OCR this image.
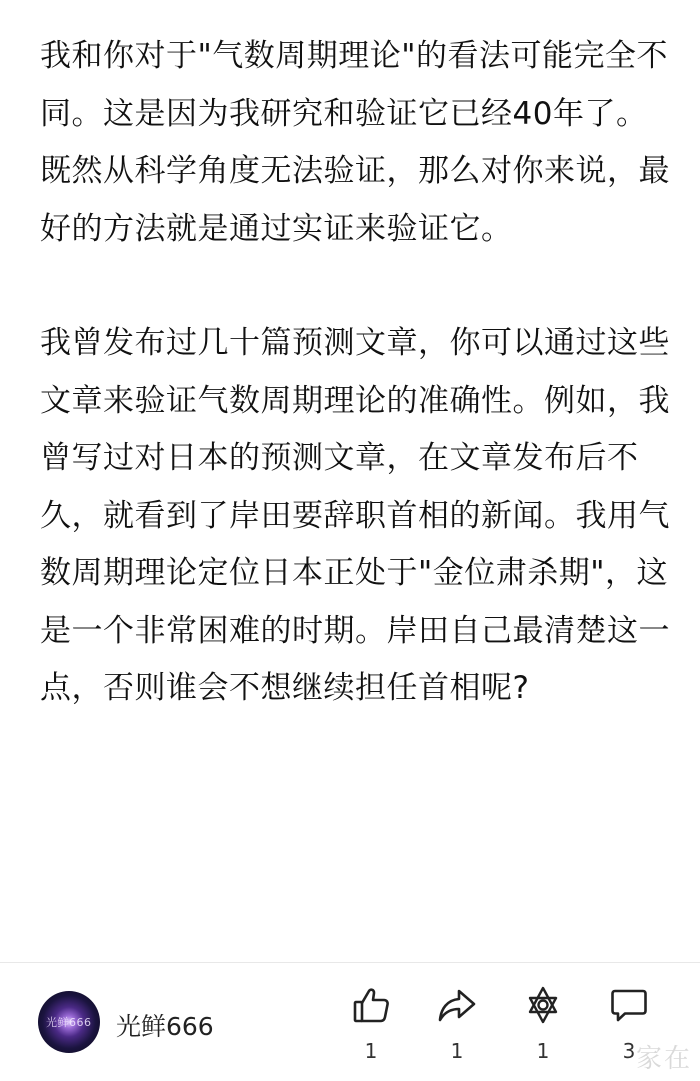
我和你对于"气数周期理论"的看法可能完全不同。这是因为我研究和验证它已经40年了。既然从科学角度无法验证，那么对你来说，最好的方法就是通过实证来验证它。

我曾发布过几十篇预测文章，你可以通过这些文章来验证气数周期理论的准确性。例如，我曾写过对日本的预测文章，在文章发布后不久，就看到了岸田要辞职首相的新闻。我用气数周期理论定位日本正处于"金位肃杀期"，这是一个非常困难的时期。岸田自己最清楚这一点，否则谁会不想继续担任首相呢?

光鲜666 光鲜666
1	1	1	3 家在
